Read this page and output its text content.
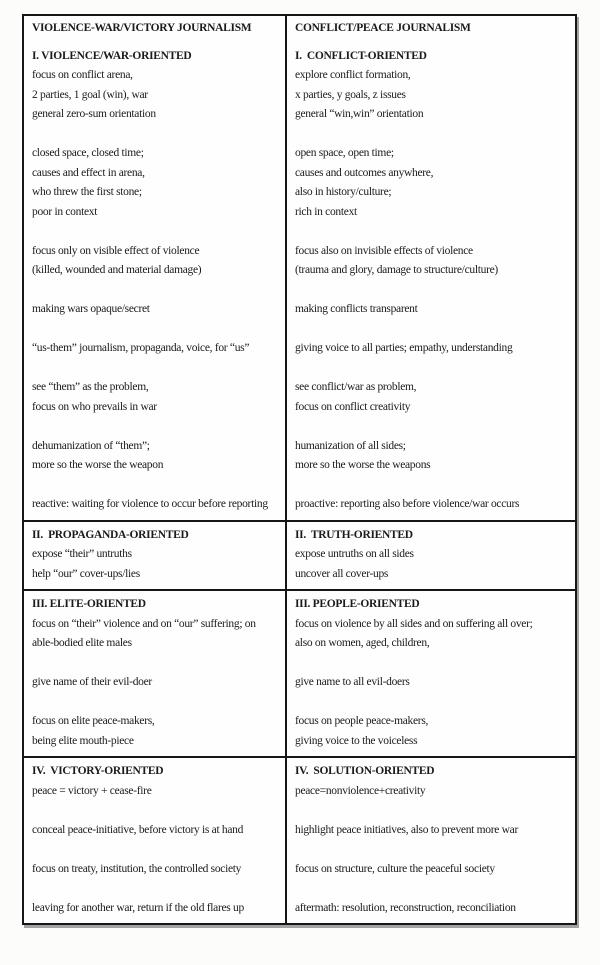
VIOLENCE-WAR/VICTORY JOURNALISM	CONFLICT/PEACE JOURNALISM

I. VIOLENCE/WAR-ORIENTED

focus on conflict arena,

2 parties, 1 goal (win), war

general zero-sum orientation

closed space, closed time;

causes and effect in arena,

who threw the first stone;

poor in context

focus only on visible effect of violence

(killed, wounded and material damage)

making wars opaque/secret

“us-them” journalism, propaganda, voice, for “us”

see “them” as the problem,

focus on who prevails in war

dehumanization of “them”;

more so the worse the weapon

reactive: waiting for violence to occur before reporting

I.  CONFLICT-ORIENTED

explore conflict formation,

x parties, y goals, z issues

general “win,win” orientation

open space, open time;

causes and outcomes anywhere,

also in history/culture;

rich in context

focus also on invisible effects of violence

(trauma and glory, damage to structure/culture)

making conflicts transparent

giving voice to all parties; empathy, understanding

see conflict/war as problem,

focus on conflict creativity

humanization of all sides;

more so the worse the weapons

proactive: reporting also before violence/war occurs

II.  PROPAGANDA-ORIENTED

expose “their” untruths

help “our” cover-ups/lies

II.  TRUTH-ORIENTED

expose untruths on all sides

uncover all cover-ups

III. ELITE-ORIENTED

focus on “their” violence and on “our” suffering; on

able-bodied elite males

give name of their evil-doer

focus on elite peace-makers,

being elite mouth-piece

III. PEOPLE-ORIENTED

focus on violence by all sides and on suffering all over;

also on women, aged, children,

give name to all evil-doers

focus on people peace-makers,

giving voice to the voiceless

IV.  VICTORY-ORIENTED

peace = victory + cease-fire

conceal peace-initiative, before victory is at hand

focus on treaty, institution, the controlled society

leaving for another war, return if the old flares up

IV.  SOLUTION-ORIENTED

peace=nonviolence+creativity

highlight peace initiatives, also to prevent more war

focus on structure, culture the peaceful society

aftermath: resolution, reconstruction, reconciliation
